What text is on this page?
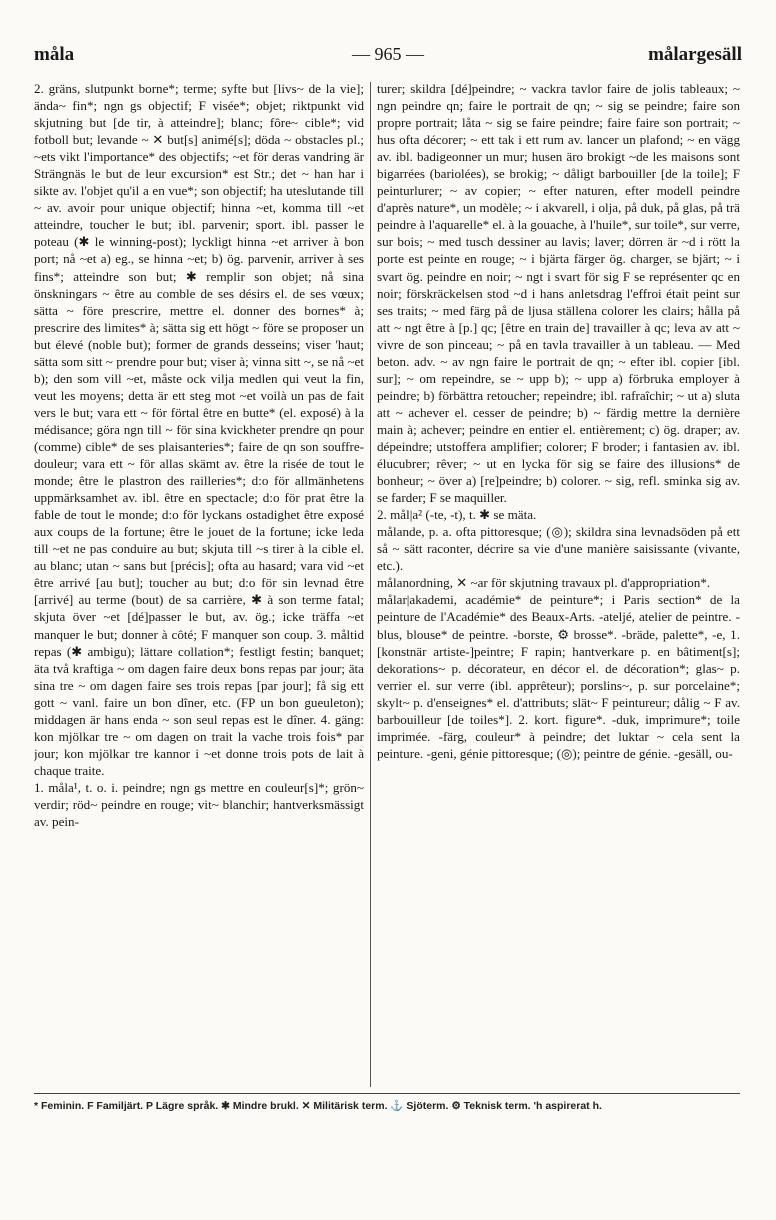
måla	— 965 —	målargesäll

2. gräns, slutpunkt borne*; terme; syfte but [livs~ de la vie]; ända~ fin*; ngn gs objectif; F visée*; objet; riktpunkt vid skjutning but [de tir, à atteindre]; blanc; fôre~ cible*; vid fotboll but; levande ~ ✕ but[s] animé[s]; döda ~ obstacles pl.; ~ets vikt l'importance* des objectifs; ~et för deras vandring är Strängnäs le but de leur excursion* est Str.; det ~ han har i sikte av. l'objet qu'il a en vue*; son objectif; ha uteslutande till ~ av. avoir pour unique objectif; hinna ~et, komma till ~et atteindre, toucher le but; ibl. parvenir; sport. ibl. passer le poteau (✱ le winning-post); lyckligt hinna ~et arriver à bon port; nå ~et a) eg., se hinna ~et; b) ög. parvenir, arriver à ses fins*; atteindre son but; ✱ remplir son objet; nå sina önskningars ~ être au comble de ses désirs el. de ses vœux; sätta ~ före prescrire, mettre el. donner des bornes* à; prescrire des limites* à; sätta sig ett högt ~ före se proposer un but élevé (noble but); former de grands desseins; viser 'haut; sätta som sitt ~ prendre pour but; viser à; vinna sitt ~, se nå ~et b); den som vill ~et, måste ock vilja medlen qui veut la fin, veut les moyens; detta är ett steg mot ~et voilà un pas de fait vers le but; vara ett ~ för förtal être en butte* (el. exposé) à la médisance; göra ngn till ~ för sina kvickheter prendre qn pour (comme) cible* de ses plaisanteries*; faire de qn son souffre-douleur; vara ett ~ för allas skämt av. être la risée de tout le monde; être le plastron des railleries*; d:o för allmänhetens uppmärksamhet av. ibl. être en spectacle; d:o för prat être la fable de tout le monde; d:o för lyckans ostadighet être exposé aux coups de la fortune; être le jouet de la fortune; icke leda till ~et ne pas conduire au but; skjuta till ~s tirer à la cible el. au blanc; utan ~ sans but [précis]; ofta au hasard; vara vid ~et être arrivé [au but]; toucher au but; d:o för sin levnad être [arrivé] au terme (bout) de sa carrière, ✱ à son terme fatal; skjuta över ~et [dé]passer le but, av. ög.; icke träffa ~et manquer le but; donner à côté; F manquer son coup. 3. måltid repas (✱ ambigu); lättare collation*; festligt festin; banquet; äta två kraftiga ~ om dagen faire deux bons repas par jour; äta sina tre ~ om dagen faire ses trois repas [par jour]; få sig ett gott ~ vanl. faire un bon dîner, etc. (FP un bon gueuleton); middagen är hans enda ~ son seul repas est le dîner. 4. gäng: kon mjölkar tre ~ om dagen on trait la vache trois fois* par jour; kon mjölkar tre kannor i ~et donne trois pots de lait à chaque traite.

1. måla¹, t. o. i. peindre; ngn gs mettre en couleur[s]*; grön~ verdir; röd~ peindre en rouge; vit~ blanchir; hantverksmässigt av. pein-

turer; skildra [dé]peindre; ~ vackra tavlor faire de jolis tableaux; ~ ngn peindre qn; faire le portrait de qn; ~ sig se peindre; faire son propre portrait; låta ~ sig se faire peindre; faire faire son portrait; ~ hus ofta décorer; ~ ett tak i ett rum av. lancer un plafond; ~ en vägg av. ibl. badigeonner un mur; husen äro brokigt ~de les maisons sont bigarrées (bariolées), se brokig; ~ dåligt barbouiller [de la toile]; F peinturlurer; ~ av copier; ~ efter naturen, efter modell peindre d'après nature*, un modèle; ~ i akvarell, i olja, på duk, på glas, på trä peindre à l'aquarelle* el. à la gouache, à l'huile*, sur toile*, sur verre, sur bois; ~ med tusch dessiner au lavis; laver; dörren är ~d i rött la porte est peinte en rouge; ~ i bjärta färger ög. charger, se bjärt; ~ i svart ög. peindre en noir; ~ ngt i svart för sig F se représenter qc en noir; förskräckelsen stod ~d i hans anletsdrag l'effroi était peint sur ses traits; ~ med färg på de ljusa ställena colorer les clairs; hålla på att ~ ngt être à [p.] qc; [être en train de] travailler à qc; leva av att ~ vivre de son pinceau; ~ på en tavla travailler à un tableau. — Med beton. adv. ~ av ngn faire le portrait de qn; ~ efter ibl. copier [ibl. sur]; ~ om repeindre, se ~ upp b); ~ upp a) förbruka employer à peindre; b) förbättra retoucher; repeindre; ibl. rafraîchir; ~ ut a) sluta att ~ achever el. cesser de peindre; b) ~ färdig mettre la dernière main à; achever; peindre en entier el. entièrement; c) ög. draper; av. dépeindre; utstoffera amplifier; colorer; F broder; i fantasien av. ibl. élucubrer; rêver; ~ ut en lycka för sig se faire des illusions* de bonheur; ~ över a) [re]peindre; b) colorer. ~ sig, refl. sminka sig av. se farder; F se maquiller.

2. mål|a² (-te, -t), t. ✱ se mäta.

målande, p. a. ofta pittoresque; (◎); skildra sina levnadsöden på ett så ~ sätt raconter, décrire sa vie d'une manière saisissante (vivante, etc.).

målanordning, ✕ ~ar för skjutning travaux pl. d'appropriation*.

målar|akademi, académie* de peinture*; i Paris section* de la peinture de l'Académie* des Beaux-Arts. -ateljé, atelier de peintre. -blus, blouse* de peintre. -borste, ⚙ brosse*. -bräde, palette*, -e, 1. [konstnär artiste-]peintre; F rapin; hantverkare p. en bâtiment[s]; dekorations~ p. décorateur, en décor el. de décoration*; glas~ p. verrier el. sur verre (ibl. apprêteur); porslins~, p. sur porcelaine*; skylt~ p. d'enseignes* el. d'attributs; slät~ F peintureur; dålig ~ F av. barbouilleur [de toiles*]. 2. kort. figure*. -duk, imprimure*; toile imprimée. -färg, couleur* à peindre; det luktar ~ cela sent la peinture. -geni, génie pittoresque; (◎); peintre de génie. -gesäll, ou-

* Feminin. F Familjärt. P Lägre språk. ✱ Mindre brukl. ✕ Militärisk term. ⚓ Sjöterm. ⚙ Teknisk term. 'h aspirerat h.
